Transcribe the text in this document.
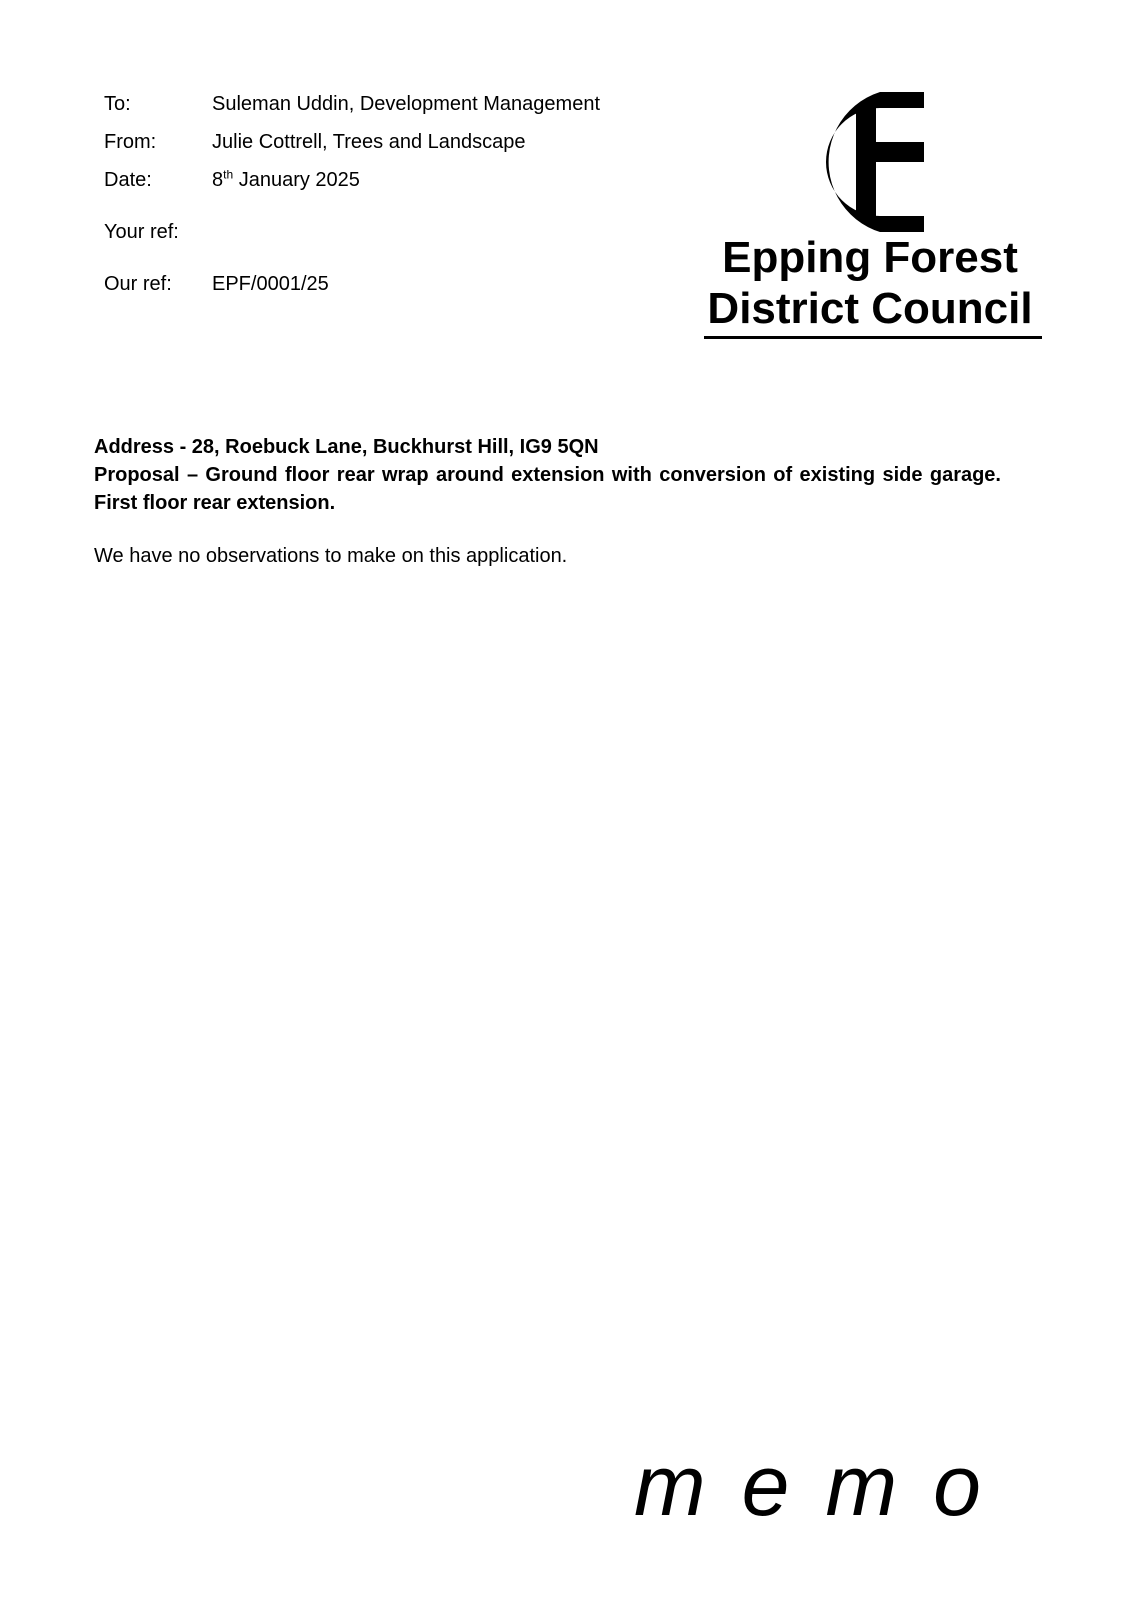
To:	Suleman Uddin, Development Management
From:	Julie Cottrell, Trees and Landscape
Date:	8th January 2025
Your ref:
Our ref: EPF/0001/25
Epping Forest
District Council

Address - 28, Roebuck Lane, Buckhurst Hill, IG9 5QN

Proposal – Ground floor rear wrap around extension with conversion of existing side garage. First floor rear extension.

We have no observations to make on this application.

memo
